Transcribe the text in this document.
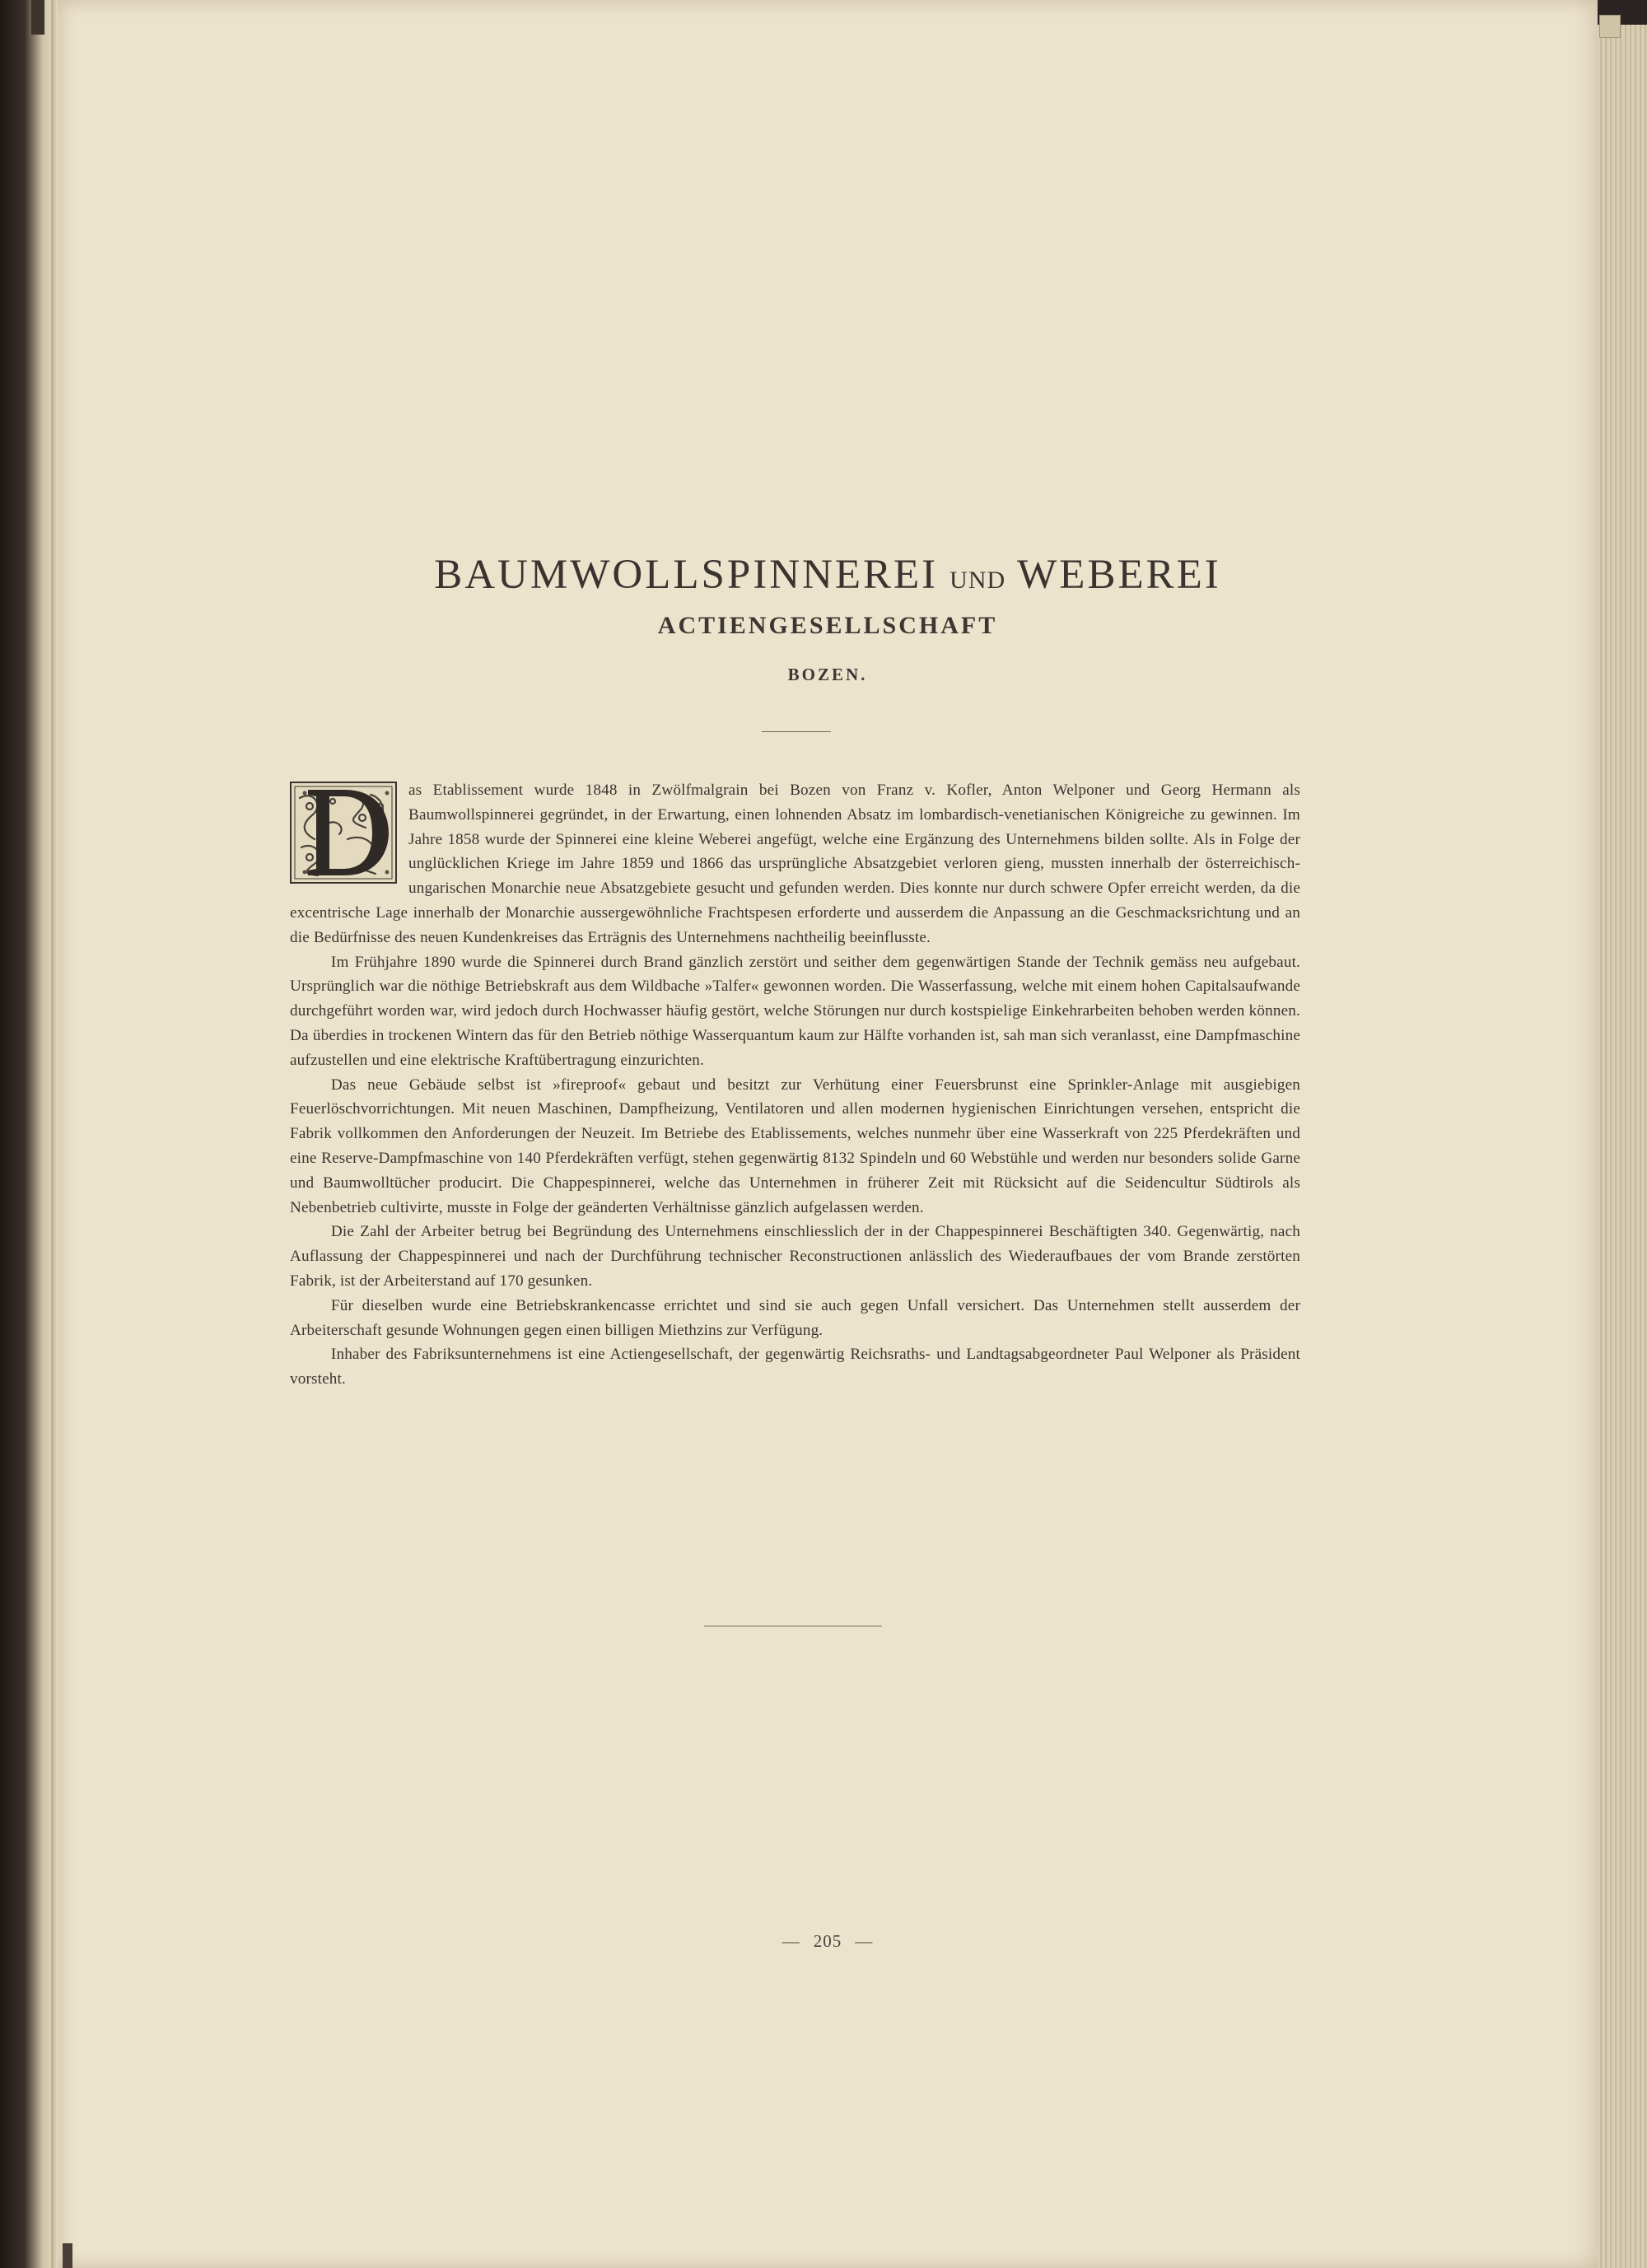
BAUMWOLLSPINNEREI UND WEBEREI
ACTIENGESELLSCHAFT
BOZEN.

as Etablissement wurde 1848 in Zwölfmalgrain bei Bozen von Franz v. Kofler, Anton Welponer und Georg Hermann als Baumwollspinnerei gegründet, in der Erwartung, einen lohnenden Absatz im lombardisch-venetianischen Königreiche zu gewinnen. Im Jahre 1858 wurde der Spinnerei eine kleine Weberei angefügt, welche eine Ergänzung des Unternehmens bilden sollte. Als in Folge der unglücklichen Kriege im Jahre 1859 und 1866 das ursprüngliche Absatzgebiet verloren gieng, mussten innerhalb der österreichisch-ungarischen Monarchie neue Absatzgebiete gesucht und gefunden werden. Dies konnte nur durch schwere Opfer erreicht werden, da die excentrische Lage innerhalb der Monarchie aussergewöhnliche Frachtspesen erforderte und ausserdem die Anpassung an die Geschmacksrichtung und an die Bedürfnisse des neuen Kundenkreises das Erträgnis des Unternehmens nachtheilig beeinflusste.

Im Frühjahre 1890 wurde die Spinnerei durch Brand gänzlich zerstört und seither dem gegenwärtigen Stande der Technik gemäss neu aufgebaut. Ursprünglich war die nöthige Betriebskraft aus dem Wildbache »Talfer« gewonnen worden. Die Wasserfassung, welche mit einem hohen Capitalsaufwande durchgeführt worden war, wird jedoch durch Hochwasser häufig gestört, welche Störungen nur durch kostspielige Einkehrarbeiten behoben werden können. Da überdies in trockenen Wintern das für den Betrieb nöthige Wasserquantum kaum zur Hälfte vorhanden ist, sah man sich veranlasst, eine Dampfmaschine aufzustellen und eine elektrische Kraftübertragung einzurichten.

Das neue Gebäude selbst ist »fireproof« gebaut und besitzt zur Verhütung einer Feuersbrunst eine Sprinkler-Anlage mit ausgiebigen Feuerlöschvorrichtungen. Mit neuen Maschinen, Dampfheizung, Ventilatoren und allen modernen hygienischen Einrichtungen versehen, entspricht die Fabrik vollkommen den Anforderungen der Neuzeit. Im Betriebe des Etablissements, welches nunmehr über eine Wasserkraft von 225 Pferdekräften und eine Reserve-Dampfmaschine von 140 Pferdekräften verfügt, stehen gegenwärtig 8132 Spindeln und 60 Webstühle und werden nur besonders solide Garne und Baumwolltücher producirt. Die Chappespinnerei, welche das Unternehmen in früherer Zeit mit Rücksicht auf die Seidencultur Südtirols als Nebenbetrieb cultivirte, musste in Folge der geänderten Verhältnisse gänzlich aufgelassen werden.

Die Zahl der Arbeiter betrug bei Begründung des Unternehmens einschliesslich der in der Chappespinnerei Beschäftigten 340. Gegenwärtig, nach Auflassung der Chappespinnerei und nach der Durchführung technischer Reconstructionen anlässlich des Wiederaufbaues der vom Brande zerstörten Fabrik, ist der Arbeiterstand auf 170 gesunken.

Für dieselben wurde eine Betriebskrankencasse errichtet und sind sie auch gegen Unfall versichert. Das Unternehmen stellt ausserdem der Arbeiterschaft gesunde Wohnungen gegen einen billigen Miethzins zur Verfügung.

Inhaber des Fabriksunternehmens ist eine Actiengesellschaft, der gegenwärtig Reichsraths- und Landtagsabgeordneter Paul Welponer als Präsident vorsteht.

— 205 —
